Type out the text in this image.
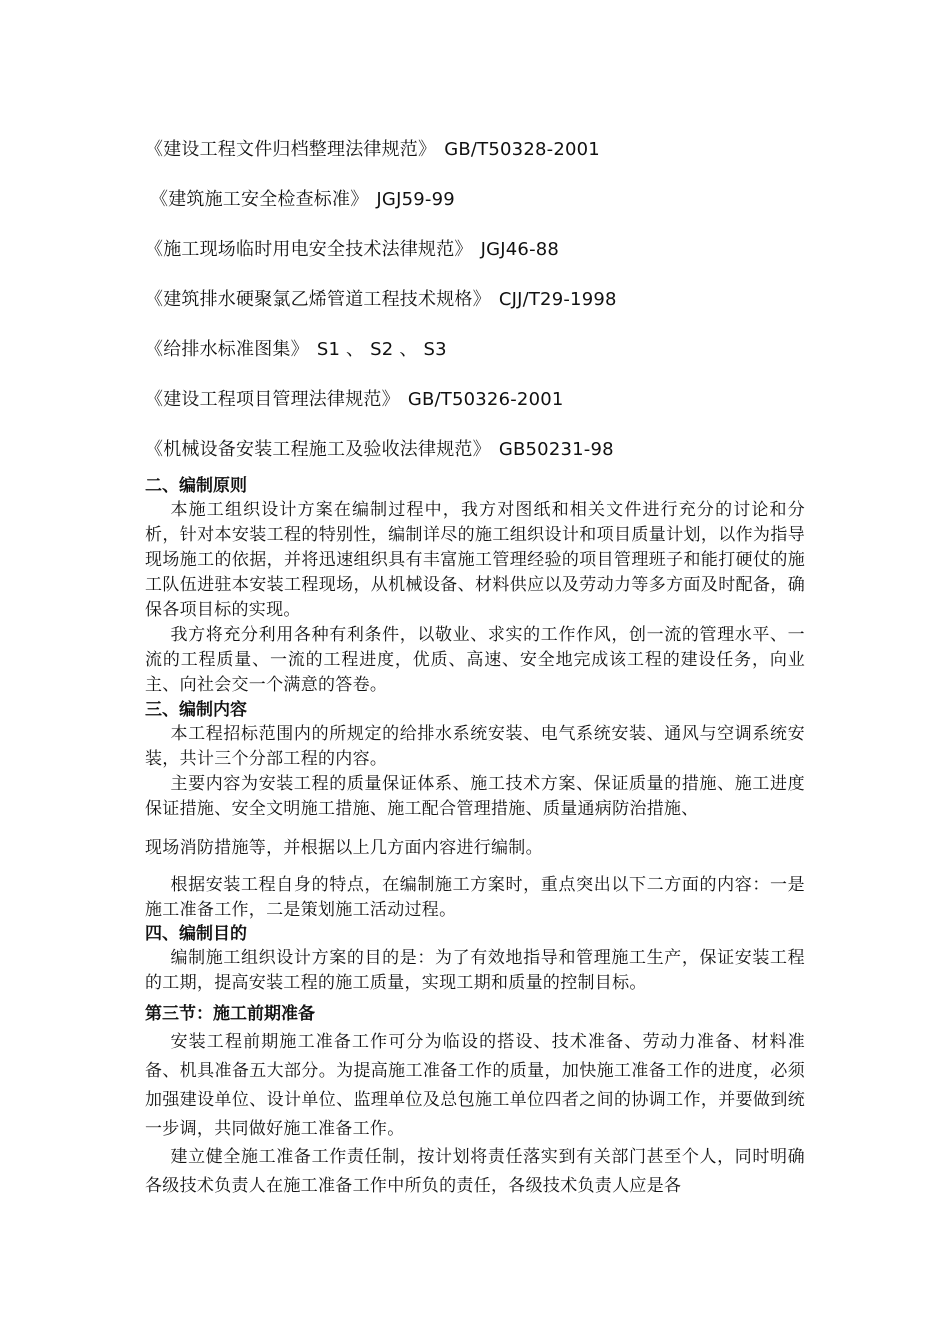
《建设工程文件归档整理法律规范》 GB/T50328-2001
《建筑施工安全检查标准》 JGJ59-99
《施工现场临时用电安全技术法律规范》 JGJ46-88
《建筑排水硬聚氯乙烯管道工程技术规格》 CJJ/T29-1998
《给排水标准图集》 S1 、 S2 、 S3
《建设工程项目管理法律规范》 GB/T50326-2001
《机械设备安装工程施工及验收法律规范》 GB50231-98
二、编制原则

本施工组织设计方案在编制过程中，我方对图纸和相关文件进行充分的讨论和分析，针对本安装工程的特别性，编制详尽的施工组织设计和项目质量计划，以作为指导现场施工的依据，并将迅速组织具有丰富施工管理经验的项目管理班子和能打硬仗的施工队伍进驻本安装工程现场，从机械设备、材料供应以及劳动力等多方面及时配备，确保各项目标的实现。

我方将充分利用各种有利条件，以敬业、求实的工作作风，创一流的管理水平、一流的工程质量、一流的工程进度，优质、高速、安全地完成该工程的建设任务，向业主、向社会交一个满意的答卷。

三、编制内容

本工程招标范围内的所规定的给排水系统安装、电气系统安装、通风与空调系统安装，共计三个分部工程的内容。

主要内容为安装工程的质量保证体系、施工技术方案、保证质量的措施、施工进度保证措施、安全文明施工措施、施工配合管理措施、质量通病防治措施、

现场消防措施等，并根据以上几方面内容进行编制。

根据安装工程自身的特点，在编制施工方案时，重点突出以下二方面的内容：一是施工准备工作，二是策划施工活动过程。

四、编制目的

编制施工组织设计方案的目的是：为了有效地指导和管理施工生产，保证安装工程的工期，提高安装工程的施工质量，实现工期和质量的控制目标。

第三节：施工前期准备

安装工程前期施工准备工作可分为临设的搭设、技术准备、劳动力准备、材料准备、机具准备五大部分。为提高施工准备工作的质量，加快施工准备工作的进度，必须加强建设单位、设计单位、监理单位及总包施工单位四者之间的协调工作，并要做到统一步调，共同做好施工准备工作。

建立健全施工准备工作责任制，按计划将责任落实到有关部门甚至个人，同时明确各级技术负责人在施工准备工作中所负的责任，各级技术负责人应是各
